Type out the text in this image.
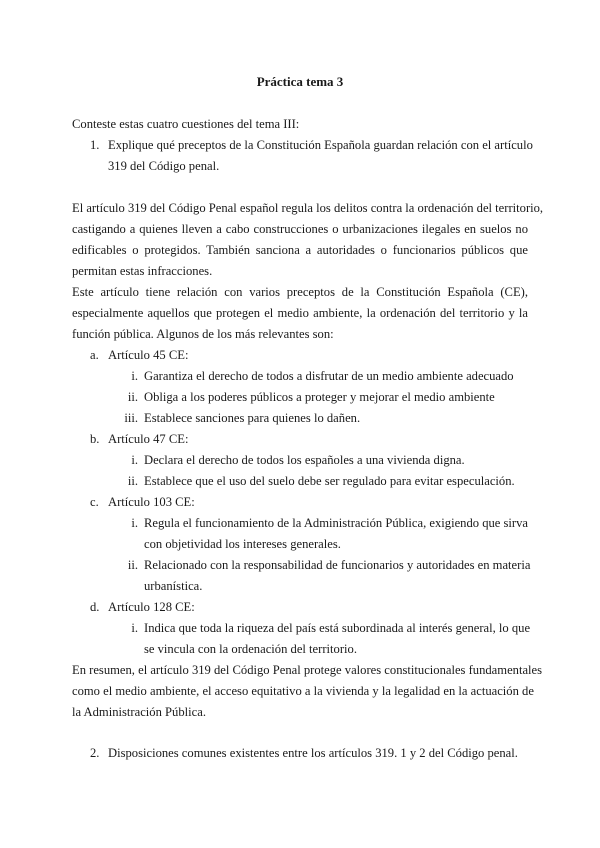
Práctica tema 3
Conteste estas cuatro cuestiones del tema III:
1. Explique qué preceptos de la Constitución Española guardan relación con el artículo
319 del Código penal.
El artículo 319 del Código Penal español regula los delitos contra la ordenación del territorio,
castigando a quienes lleven a cabo construcciones o urbanizaciones ilegales en suelos no
edificables o protegidos. También sanciona a autoridades o funcionarios públicos que
permitan estas infracciones.
Este artículo tiene relación con varios preceptos de la Constitución Española (CE),
especialmente aquellos que protegen el medio ambiente, la ordenación del territorio y la
función pública. Algunos de los más relevantes son:
a. Artículo 45 CE:
i. Garantiza el derecho de todos a disfrutar de un medio ambiente adecuado
ii. Obliga a los poderes públicos a proteger y mejorar el medio ambiente
iii. Establece sanciones para quienes lo dañen.
b. Artículo 47 CE:
i. Declara el derecho de todos los españoles a una vivienda digna.
ii. Establece que el uso del suelo debe ser regulado para evitar especulación.
c. Artículo 103 CE:
i. Regula el funcionamiento de la Administración Pública, exigiendo que sirva
con objetividad los intereses generales.
ii. Relacionado con la responsabilidad de funcionarios y autoridades en materia
urbanística.
d. Artículo 128 CE:
i. Indica que toda la riqueza del país está subordinada al interés general, lo que
se vincula con la ordenación del territorio.
En resumen, el artículo 319 del Código Penal protege valores constitucionales fundamentales
como el medio ambiente, el acceso equitativo a la vivienda y la legalidad en la actuación de
la Administración Pública.
2. Disposiciones comunes existentes entre los artículos 319. 1 y 2 del Código penal.
